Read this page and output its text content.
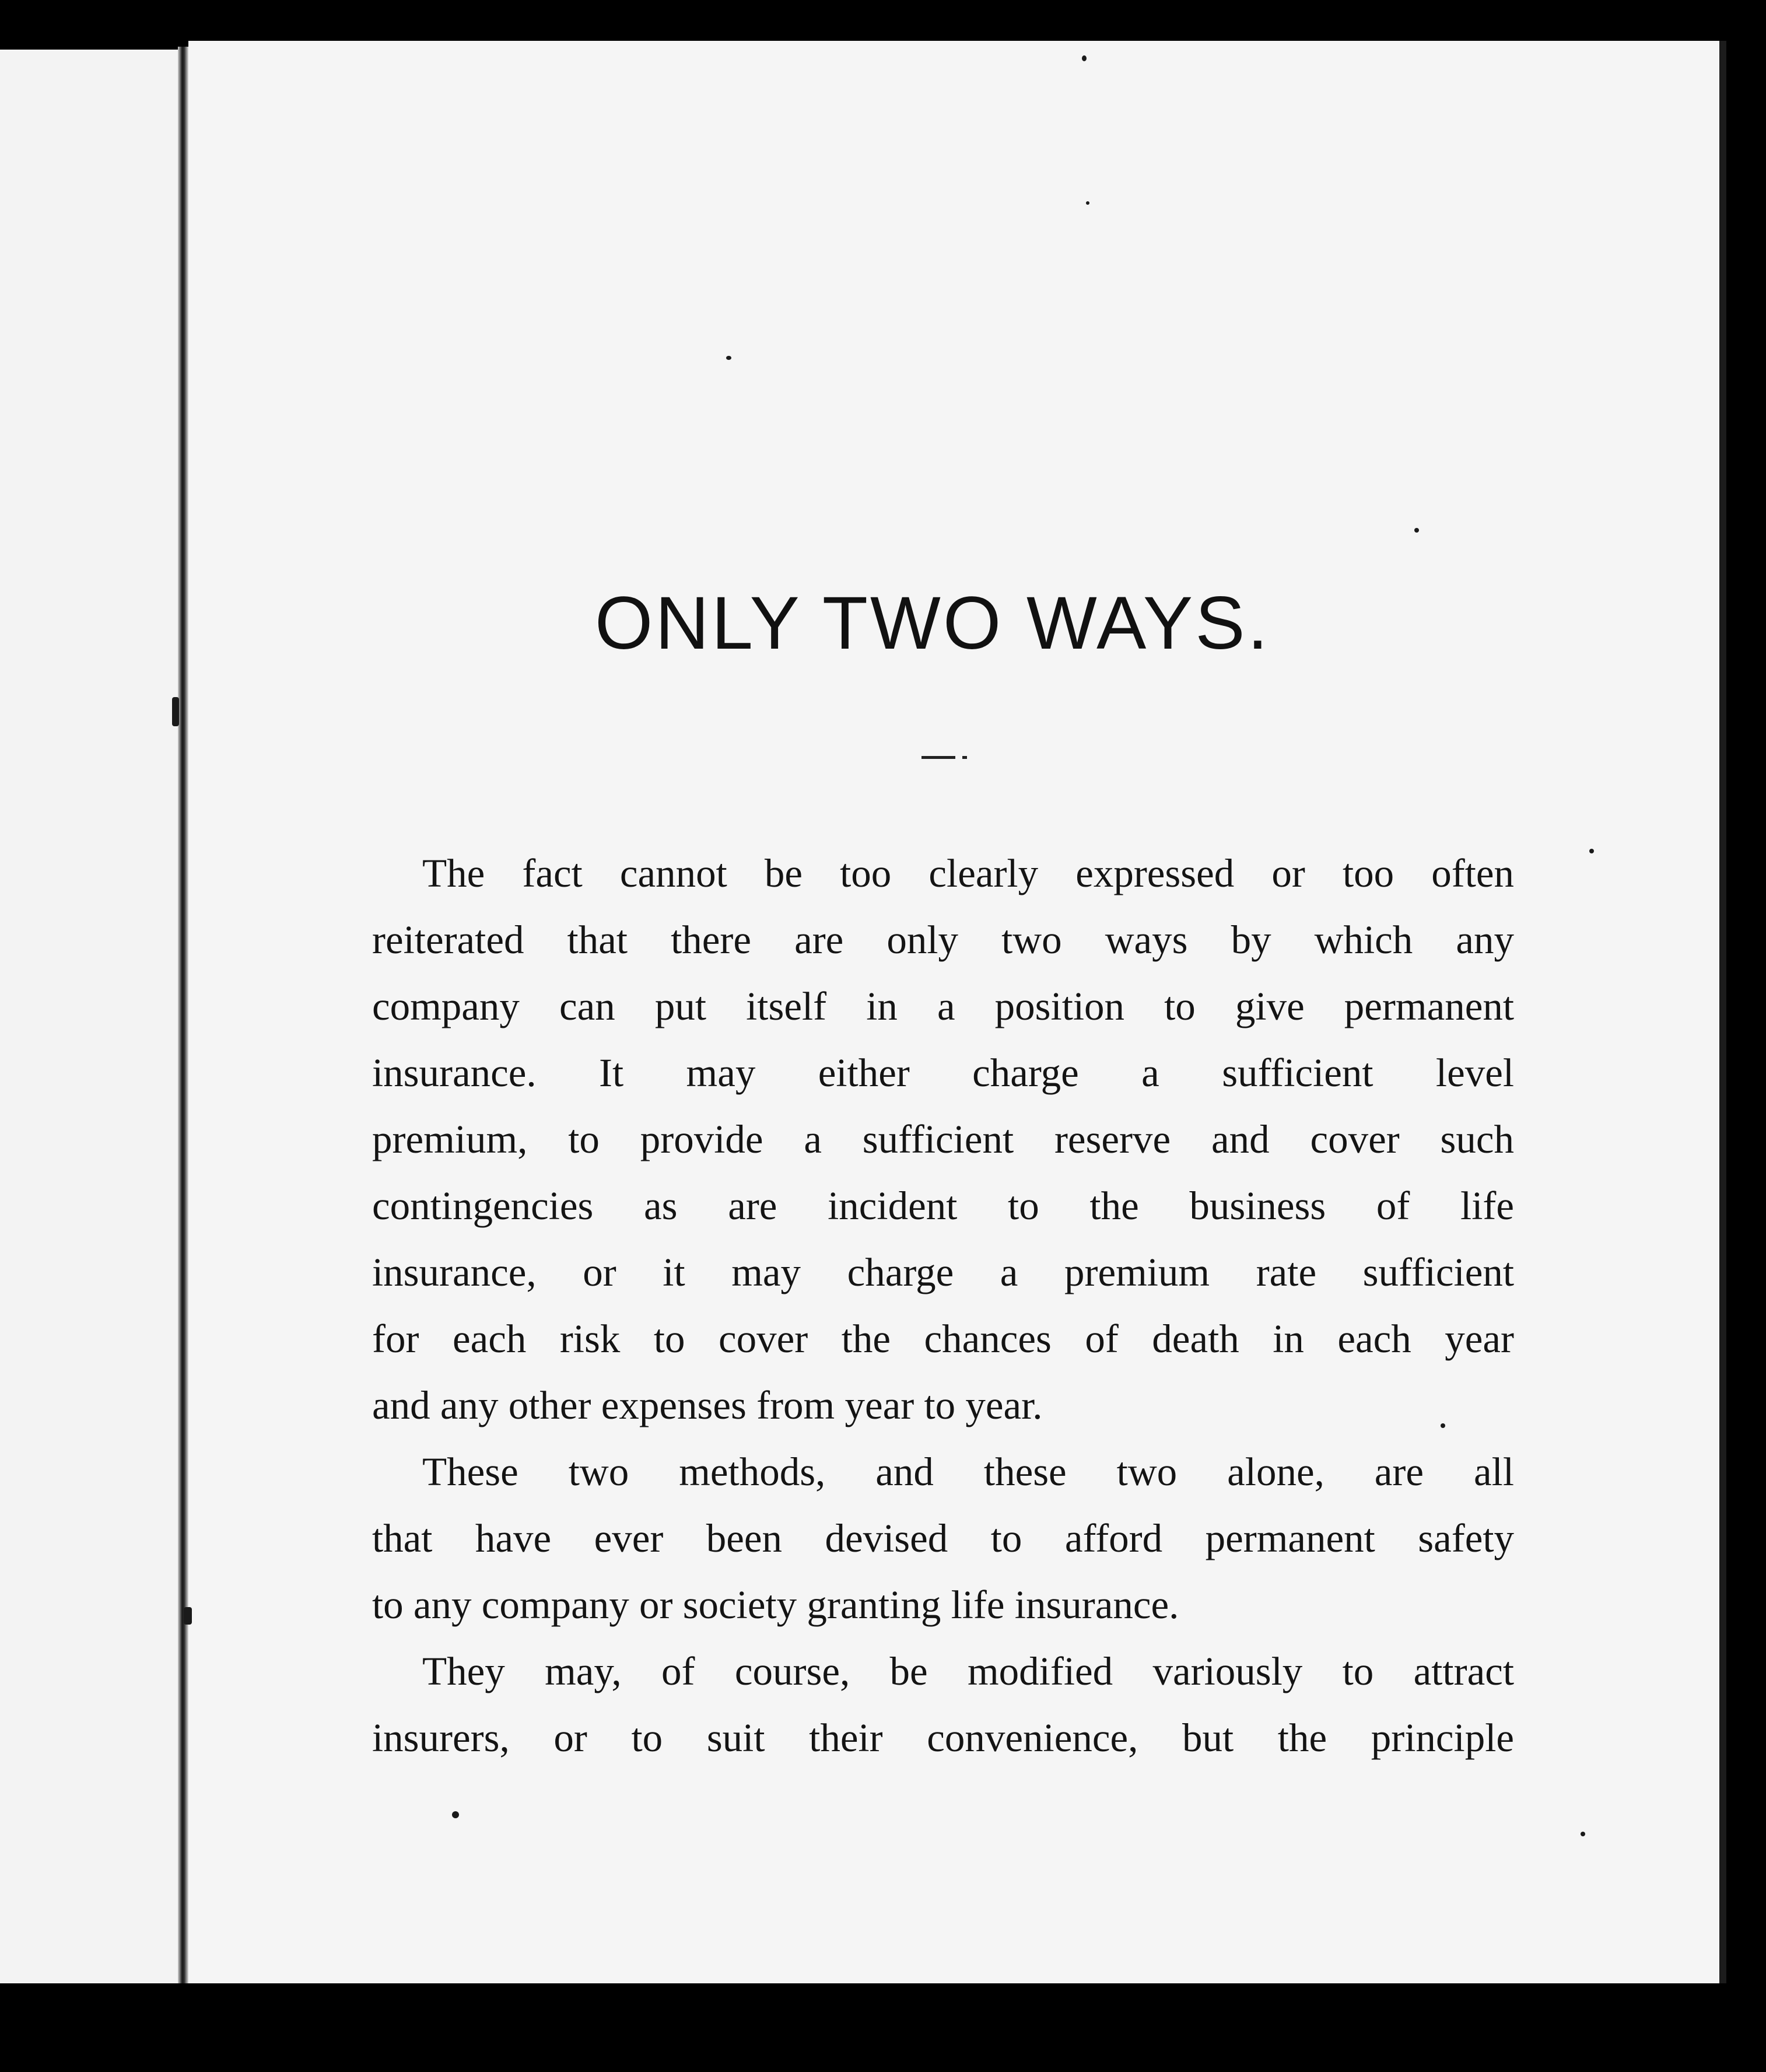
ONLY TWO WAYS.

The fact cannot be too clearly expressed or too often
reiterated that there are only two ways by which any
company can put itself in a position to give permanent
insurance. It may either charge a sufficient level
premium, to provide a sufficient reserve and cover such
contingencies as are incident to the business of life
insurance, or it may charge a premium rate sufficient
for each risk to cover the chances of death in each year
and any other expenses from year to year.

These two methods, and these two alone, are all
that have ever been devised to afford permanent safety
to any company or society granting life insurance.

They may, of course, be modified variously to attract
insurers, or to suit their convenience, but the principle
